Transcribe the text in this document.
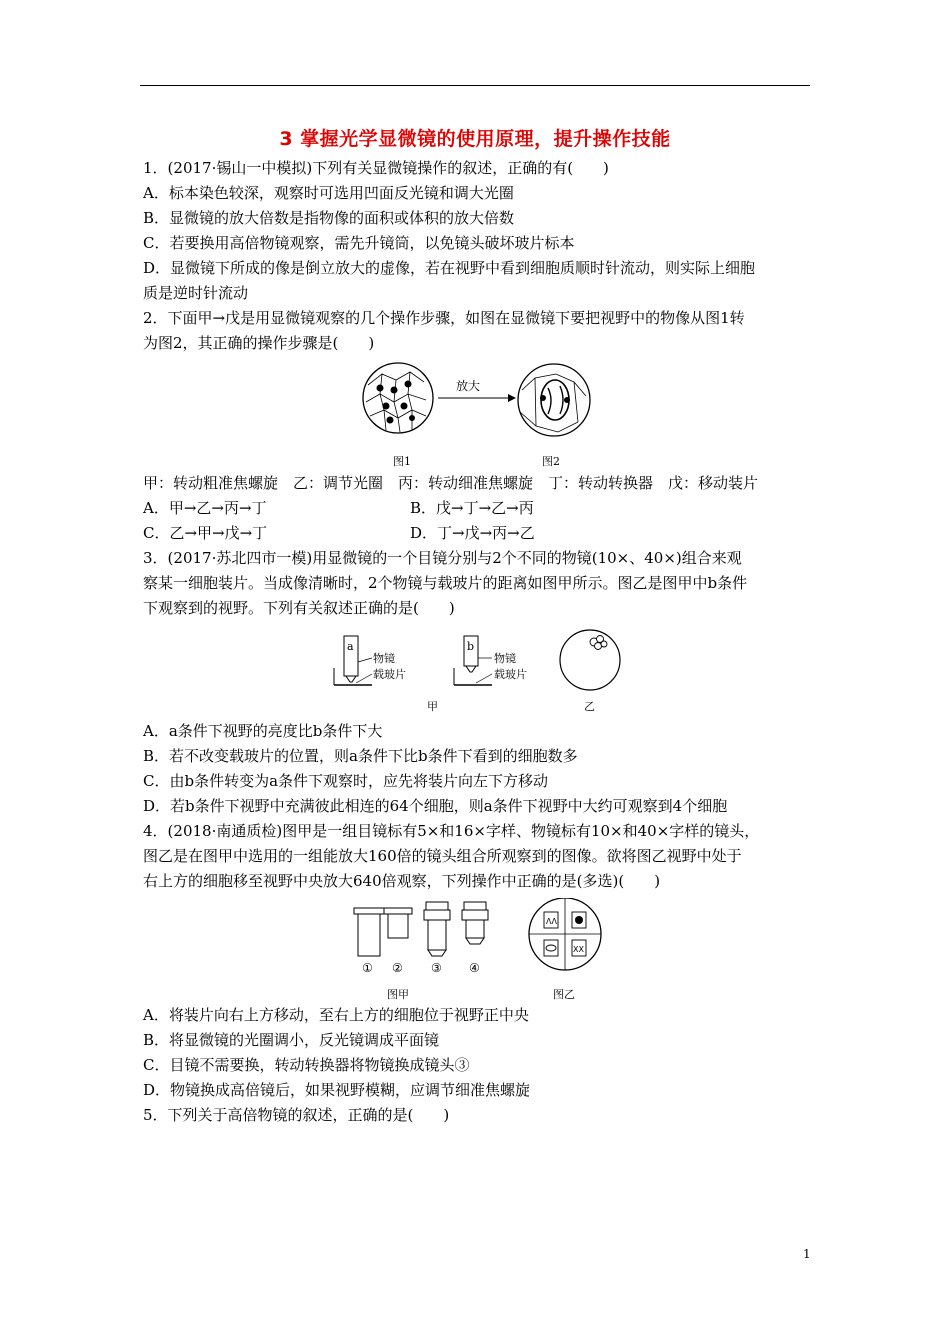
3 掌握光学显微镜的使用原理，提升操作技能
1．(2017·锡山一中模拟)下列有关显微镜操作的叙述，正确的有(　　)
A．标本染色较深，观察时可选用凹面反光镜和调大光圈
B．显微镜的放大倍数是指物像的面积或体积的放大倍数
C．若要换用高倍物镜观察，需先升镜筒，以免镜头破坏玻片标本
D．显微镜下所成的像是倒立放大的虚像，若在视野中看到细胞质顺时针流动，则实际上细胞
质是逆时针流动
2．下面甲→戊是用显微镜观察的几个操作步骤，如图在显微镜下要把视野中的物像从图1转
为图2，其正确的操作步骤是(　　)
放大
图1	图2
甲：转动粗准焦螺旋　乙：调节光圈　丙：转动细准焦螺旋　丁：转动转换器　戊：移动装片
A．甲→乙→丙→丁	B．戊→丁→乙→丙
C．乙→甲→戊→丁	D．丁→戊→丙→乙
3．(2017·苏北四市一模)用显微镜的一个目镜分别与2个不同的物镜(10×、40×)组合来观
察某一细胞装片。当成像清晰时，2个物镜与载玻片的距离如图甲所示。图乙是图甲中b条件
下观察到的视野。下列有关叙述正确的是(　　)
a
物镜
载玻片
b
物镜
载玻片
甲	乙
A．a条件下视野的亮度比b条件下大
B．若不改变载玻片的位置，则a条件下比b条件下看到的细胞数多
C．由b条件转变为a条件下观察时，应先将装片向左下方移动
D．若b条件下视野中充满彼此相连的64个细胞，则a条件下视野中大约可观察到4个细胞
4．(2018·南通质检)图甲是一组目镜标有5×和16×字样、物镜标有10×和40×字样的镜头，
图乙是在图甲中选用的一组能放大160倍的镜头组合所观察到的图像。欲将图乙视野中处于
右上方的细胞移至视野中央放大640倍观察，下列操作中正确的是(多选)(　　)
① ② ③ ④
ΛΛ
XX
图甲	图乙
A．将装片向右上方移动，至右上方的细胞位于视野正中央
B．将显微镜的光圈调小，反光镜调成平面镜
C．目镜不需要换，转动转换器将物镜换成镜头③
D．物镜换成高倍镜后，如果视野模糊，应调节细准焦螺旋
5．下列关于高倍物镜的叙述，正确的是(　　)
1
